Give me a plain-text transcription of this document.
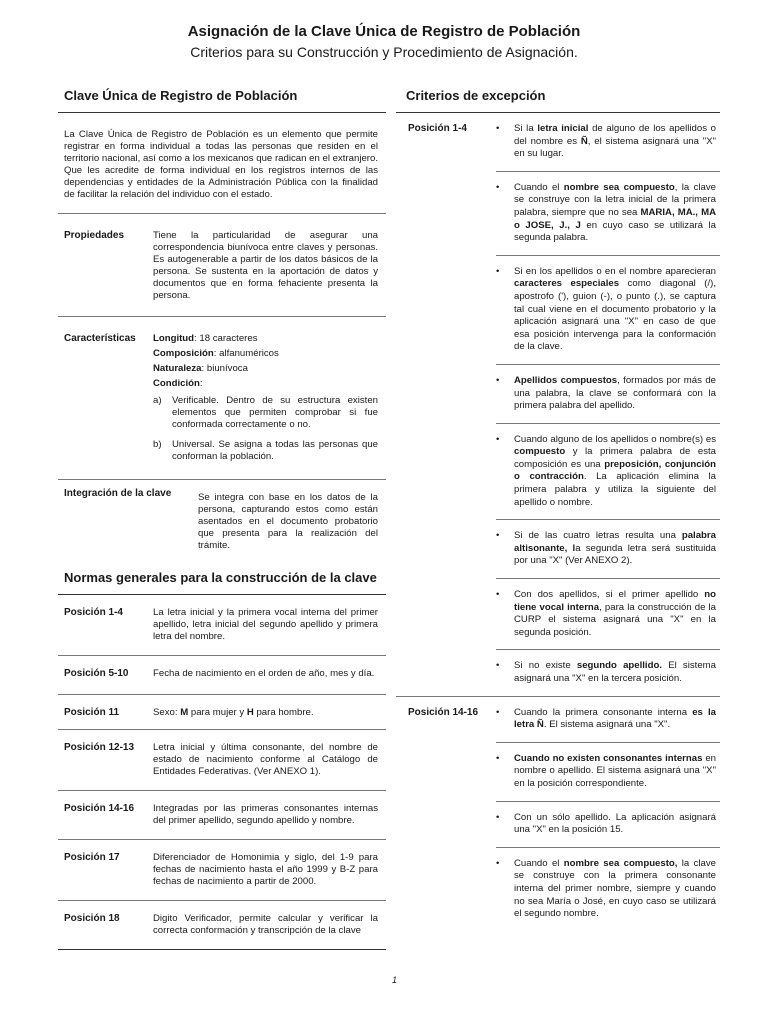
Asignación de la Clave Única de Registro de Población
Criterios para su Construcción y Procedimiento de Asignación.
Clave Única de Registro de Población
La Clave Única de Registro de Población es un elemento que permite registrar en forma individual a todas las personas que residen en el territorio nacional, así como a los mexicanos que radican en el extranjero. Que les acredite de forma individual en los registros internos de las dependencias y entidades de la Administración Pública con la finalidad de facilitar la relación del individuo con el estado.
Propiedades	Tiene la particularidad de asegurar una correspondencia biunívoca entre claves y personas. Es autogenerable a partir de los datos básicos de la persona. Se sustenta en la aportación de datos y documentos que en forma fehaciente presenta la persona.
Características	Longitud: 18 caracteres
Composición: alfanuméricos
Naturaleza: biunívoca
Condición:
a)	Verificable. Dentro de su estructura existen elementos que permiten comprobar si fue conformada correctamente o no.
b)	Universal. Se asigna a todas las personas que conforman la población.
Integración de la clave	Se integra con base en los datos de la persona, capturando estos como están asentados en el documento probatorio que presenta para la realización del trámite.
Normas generales para la construcción de la clave
Posición 1-4	La letra inicial y la primera vocal interna del primer apellido, letra inicial del segundo apellido y primera letra del nombre.
Posición 5-10	Fecha de nacimiento en el orden de año, mes y día.
Posición 11	Sexo: M para mujer y H para hombre.
Posición 12-13	Letra inicial y última consonante, del nombre de estado de nacimiento conforme al Catálogo de Entidades Federativas. (Ver ANEXO 1).
Posición 14-16	Integradas por las primeras consonantes internas del primer apellido, segundo apellido y nombre.
Posición 17	Diferenciador de Homonimia y siglo, del 1-9 para fechas de nacimiento hasta el año 1999 y B-Z para fechas de nacimiento a partir de 2000.
Posición 18	Digito Verificador, permite calcular y verificar la correcta conformación y transcripción de la clave
Criterios de excepción
Posición 1-4	•	Si la letra inicial de alguno de los apellidos o del nombre es Ñ, el sistema asignará una "X" en su lugar.
•	Cuando el nombre sea compuesto, la clave se construye con la letra inicial de la primera palabra, siempre que no sea MARIA, MA., MA o JOSE, J., J en cuyo caso se utilizará la segunda palabra.
•	Si en los apellidos o en el nombre aparecieran caracteres especiales como diagonal (/), apostrofo ('), guion (-), o punto (.), se captura tal cual viene en el documento probatorio y la aplicación asignará una "X" en caso de que esa posición intervenga para la conformación de la clave.
•	Apellidos compuestos, formados por más de una palabra, la clave se conformará con la primera palabra del apellido.
•	Cuando alguno de los apellidos o nombre(s) es compuesto y la primera palabra de esta composición es una preposición, conjunción o contracción. La aplicación elimina la primera palabra y utiliza la siguiente del apellido o nombre.
•	Si de las cuatro letras resulta una palabra altisonante, la segunda letra será sustituida por una "X" (Ver ANEXO 2).
•	Con dos apellidos, si el primer apellido no tiene vocal interna, para la construcción de la CURP el sistema asignará una "X" en la segunda posición.
•	Si no existe segundo apellido. El sistema asignará una "X" en la tercera posición.
Posición 14-16	•	Cuando la primera consonante interna es la letra Ñ. El sistema asignará una "X".
•	Cuando no existen consonantes internas en nombre o apellido. El sistema asignará una "X" en la posición correspondiente.
•	Con un sólo apellido. La aplicación asignará una "X" en la posición 15.
•	Cuando el nombre sea compuesto, la clave se construye con la primera consonante interna del primer nombre, siempre y cuando no sea María o José, en cuyo caso se utilizará el segundo nombre.
1
